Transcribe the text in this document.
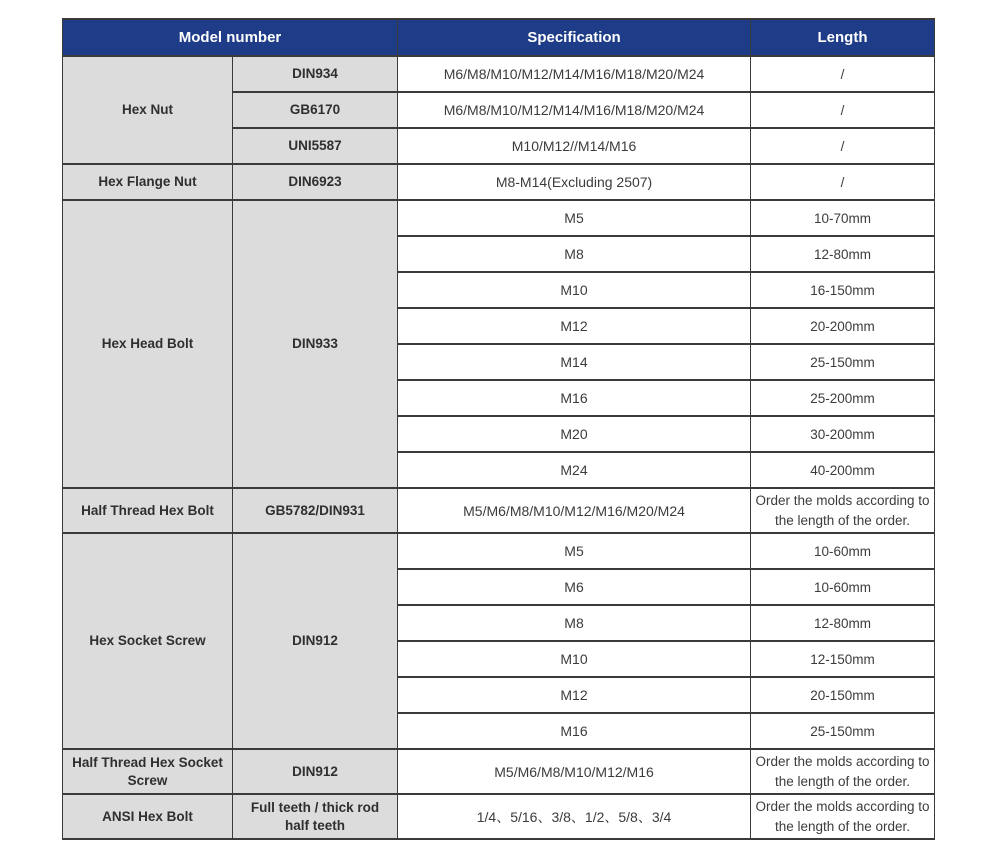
Model number		Specification	Length
Hex Nut	DIN934	M6/M8/M10/M12/M14/M16/M18/M20/M24	/
	GB6170	M6/M8/M10/M12/M14/M16/M18/M20/M24	/
	UNI5587	M10/M12//M14/M16	/
Hex Flange Nut	DIN6923	M8-M14(Excluding 2507)	/
Hex Head Bolt	DIN933	M5	10-70mm
		M8	12-80mm
		M10	16-150mm
		M12	20-200mm
		M14	25-150mm
		M16	25-200mm
		M20	30-200mm
		M24	40-200mm
Half Thread Hex Bolt	GB5782/DIN931	M5/M6/M8/M10/M12/M16/M20/M24	Order the molds according to the length of the order.
Hex Socket Screw	DIN912	M5	10-60mm
		M6	10-60mm
		M8	12-80mm
		M10	12-150mm
		M12	20-150mm
		M16	25-150mm
Half Thread Hex Socket Screw	DIN912	M5/M6/M8/M10/M12/M16	Order the molds according to the length of the order.
ANSI Hex Bolt	Full teeth / thick rod half teeth	1/4、5/16、3/8、1/2、5/8、3/4	Order the molds according to the length of the order.
